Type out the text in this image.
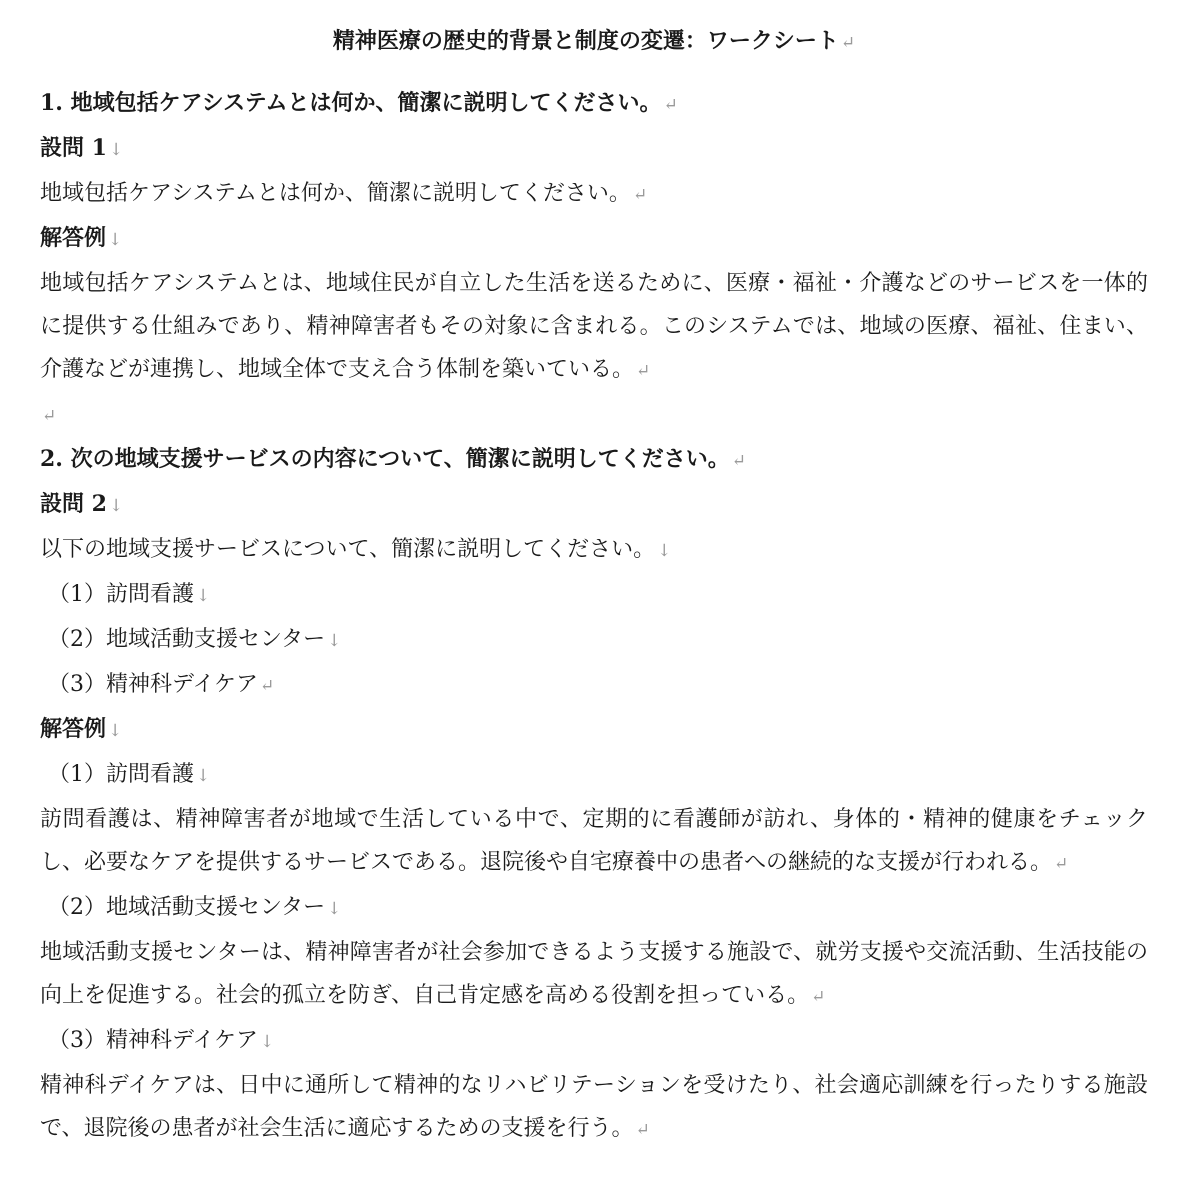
精神医療の歴史的背景と制度の変遷：ワークシート ↵
1. 地域包括ケアシステムとは何か、簡潔に説明してください。 ↵
設問 1 ↓
地域包括ケアシステムとは何か、簡潔に説明してください。 ↵
解答例 ↓
地域包括ケアシステムとは、地域住民が自立した生活を送るために、医療・福祉・介護などのサービスを一体的に提供する仕組みであり、精神障害者もその対象に含まれる。このシステムでは、地域の医療、福祉、住まい、介護などが連携し、地域全体で支え合う体制を築いている。 ↵
↵
2. 次の地域支援サービスの内容について、簡潔に説明してください。 ↵
設問 2 ↓
以下の地域支援サービスについて、簡潔に説明してください。 ↓
（1）訪問看護 ↓
（2）地域活動支援センター ↓
（3）精神科デイケア ↵
解答例 ↓
（1）訪問看護 ↓
訪問看護は、精神障害者が地域で生活している中で、定期的に看護師が訪れ、身体的・精神的健康をチェックし、必要なケアを提供するサービスである。退院後や自宅療養中の患者への継続的な支援が行われる。 ↵
（2）地域活動支援センター ↓
地域活動支援センターは、精神障害者が社会参加できるよう支援する施設で、就労支援や交流活動、生活技能の向上を促進する。社会的孤立を防ぎ、自己肯定感を高める役割を担っている。 ↵
（3）精神科デイケア ↓
精神科デイケアは、日中に通所して精神的なリハビリテーションを受けたり、社会適応訓練を行ったりする施設で、退院後の患者が社会生活に適応するための支援を行う。 ↵
